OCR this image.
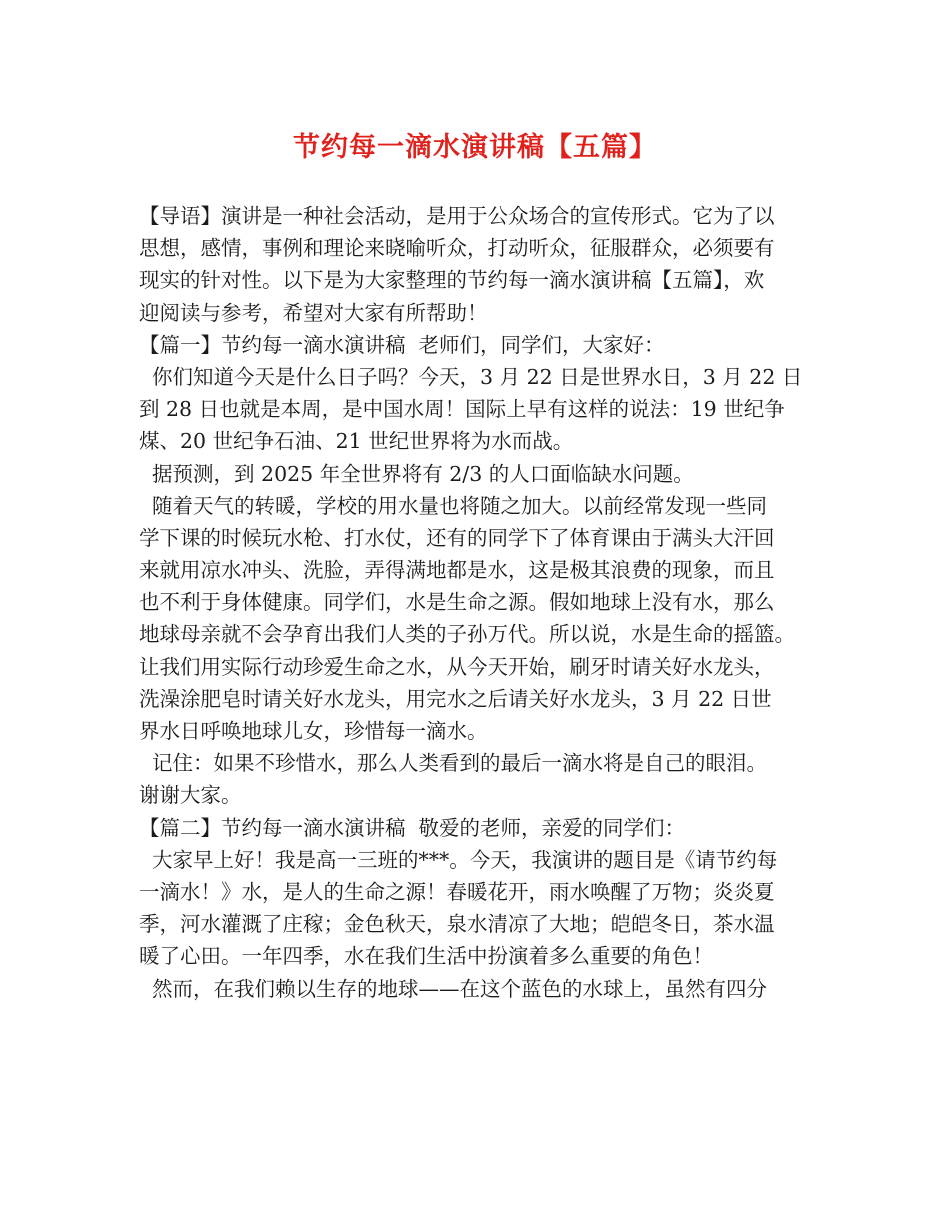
节约每一滴水演讲稿【五篇】
【导语】演讲是一种社会活动，是用于公众场合的宣传形式。它为了以
思想，感情，事例和理论来晓喻听众，打动听众，征服群众，必须要有
现实的针对性。以下是为大家整理的节约每一滴水演讲稿【五篇】，欢
迎阅读与参考，希望对大家有所帮助！
【篇一】节约每一滴水演讲稿  老师们，同学们，大家好：
你们知道今天是什么日子吗？今天，3 月 22 日是世界水日，3 月 22 日
到 28 日也就是本周，是中国水周！国际上早有这样的说法：19 世纪争
煤、20 世纪争石油、21 世纪世界将为水而战。
据预测，到 2025 年全世界将有 2/3 的人口面临缺水问题。
随着天气的转暖，学校的用水量也将随之加大。以前经常发现一些同
学下课的时候玩水枪、打水仗，还有的同学下了体育课由于满头大汗回
来就用凉水冲头、洗脸，弄得满地都是水，这是极其浪费的现象，而且
也不利于身体健康。同学们，水是生命之源。假如地球上没有水，那么
地球母亲就不会孕育出我们人类的子孙万代。所以说，水是生命的摇篮。
让我们用实际行动珍爱生命之水，从今天开始，刷牙时请关好水龙头，
洗澡涂肥皂时请关好水龙头，用完水之后请关好水龙头，3 月 22 日世
界水日呼唤地球儿女，珍惜每一滴水。
记住：如果不珍惜水，那么人类看到的最后一滴水将是自己的眼泪。
谢谢大家。
【篇二】节约每一滴水演讲稿  敬爱的老师，亲爱的同学们：
大家早上好！我是高一三班的***。今天，我演讲的题目是《请节约每
一滴水！》水，是人的生命之源！春暖花开，雨水唤醒了万物；炎炎夏
季，河水灌溉了庄稼；金色秋天，泉水清凉了大地；皑皑冬日，茶水温
暖了心田。一年四季，水在我们生活中扮演着多么重要的角色！
然而，在我们赖以生存的地球——在这个蓝色的水球上，虽然有四分
